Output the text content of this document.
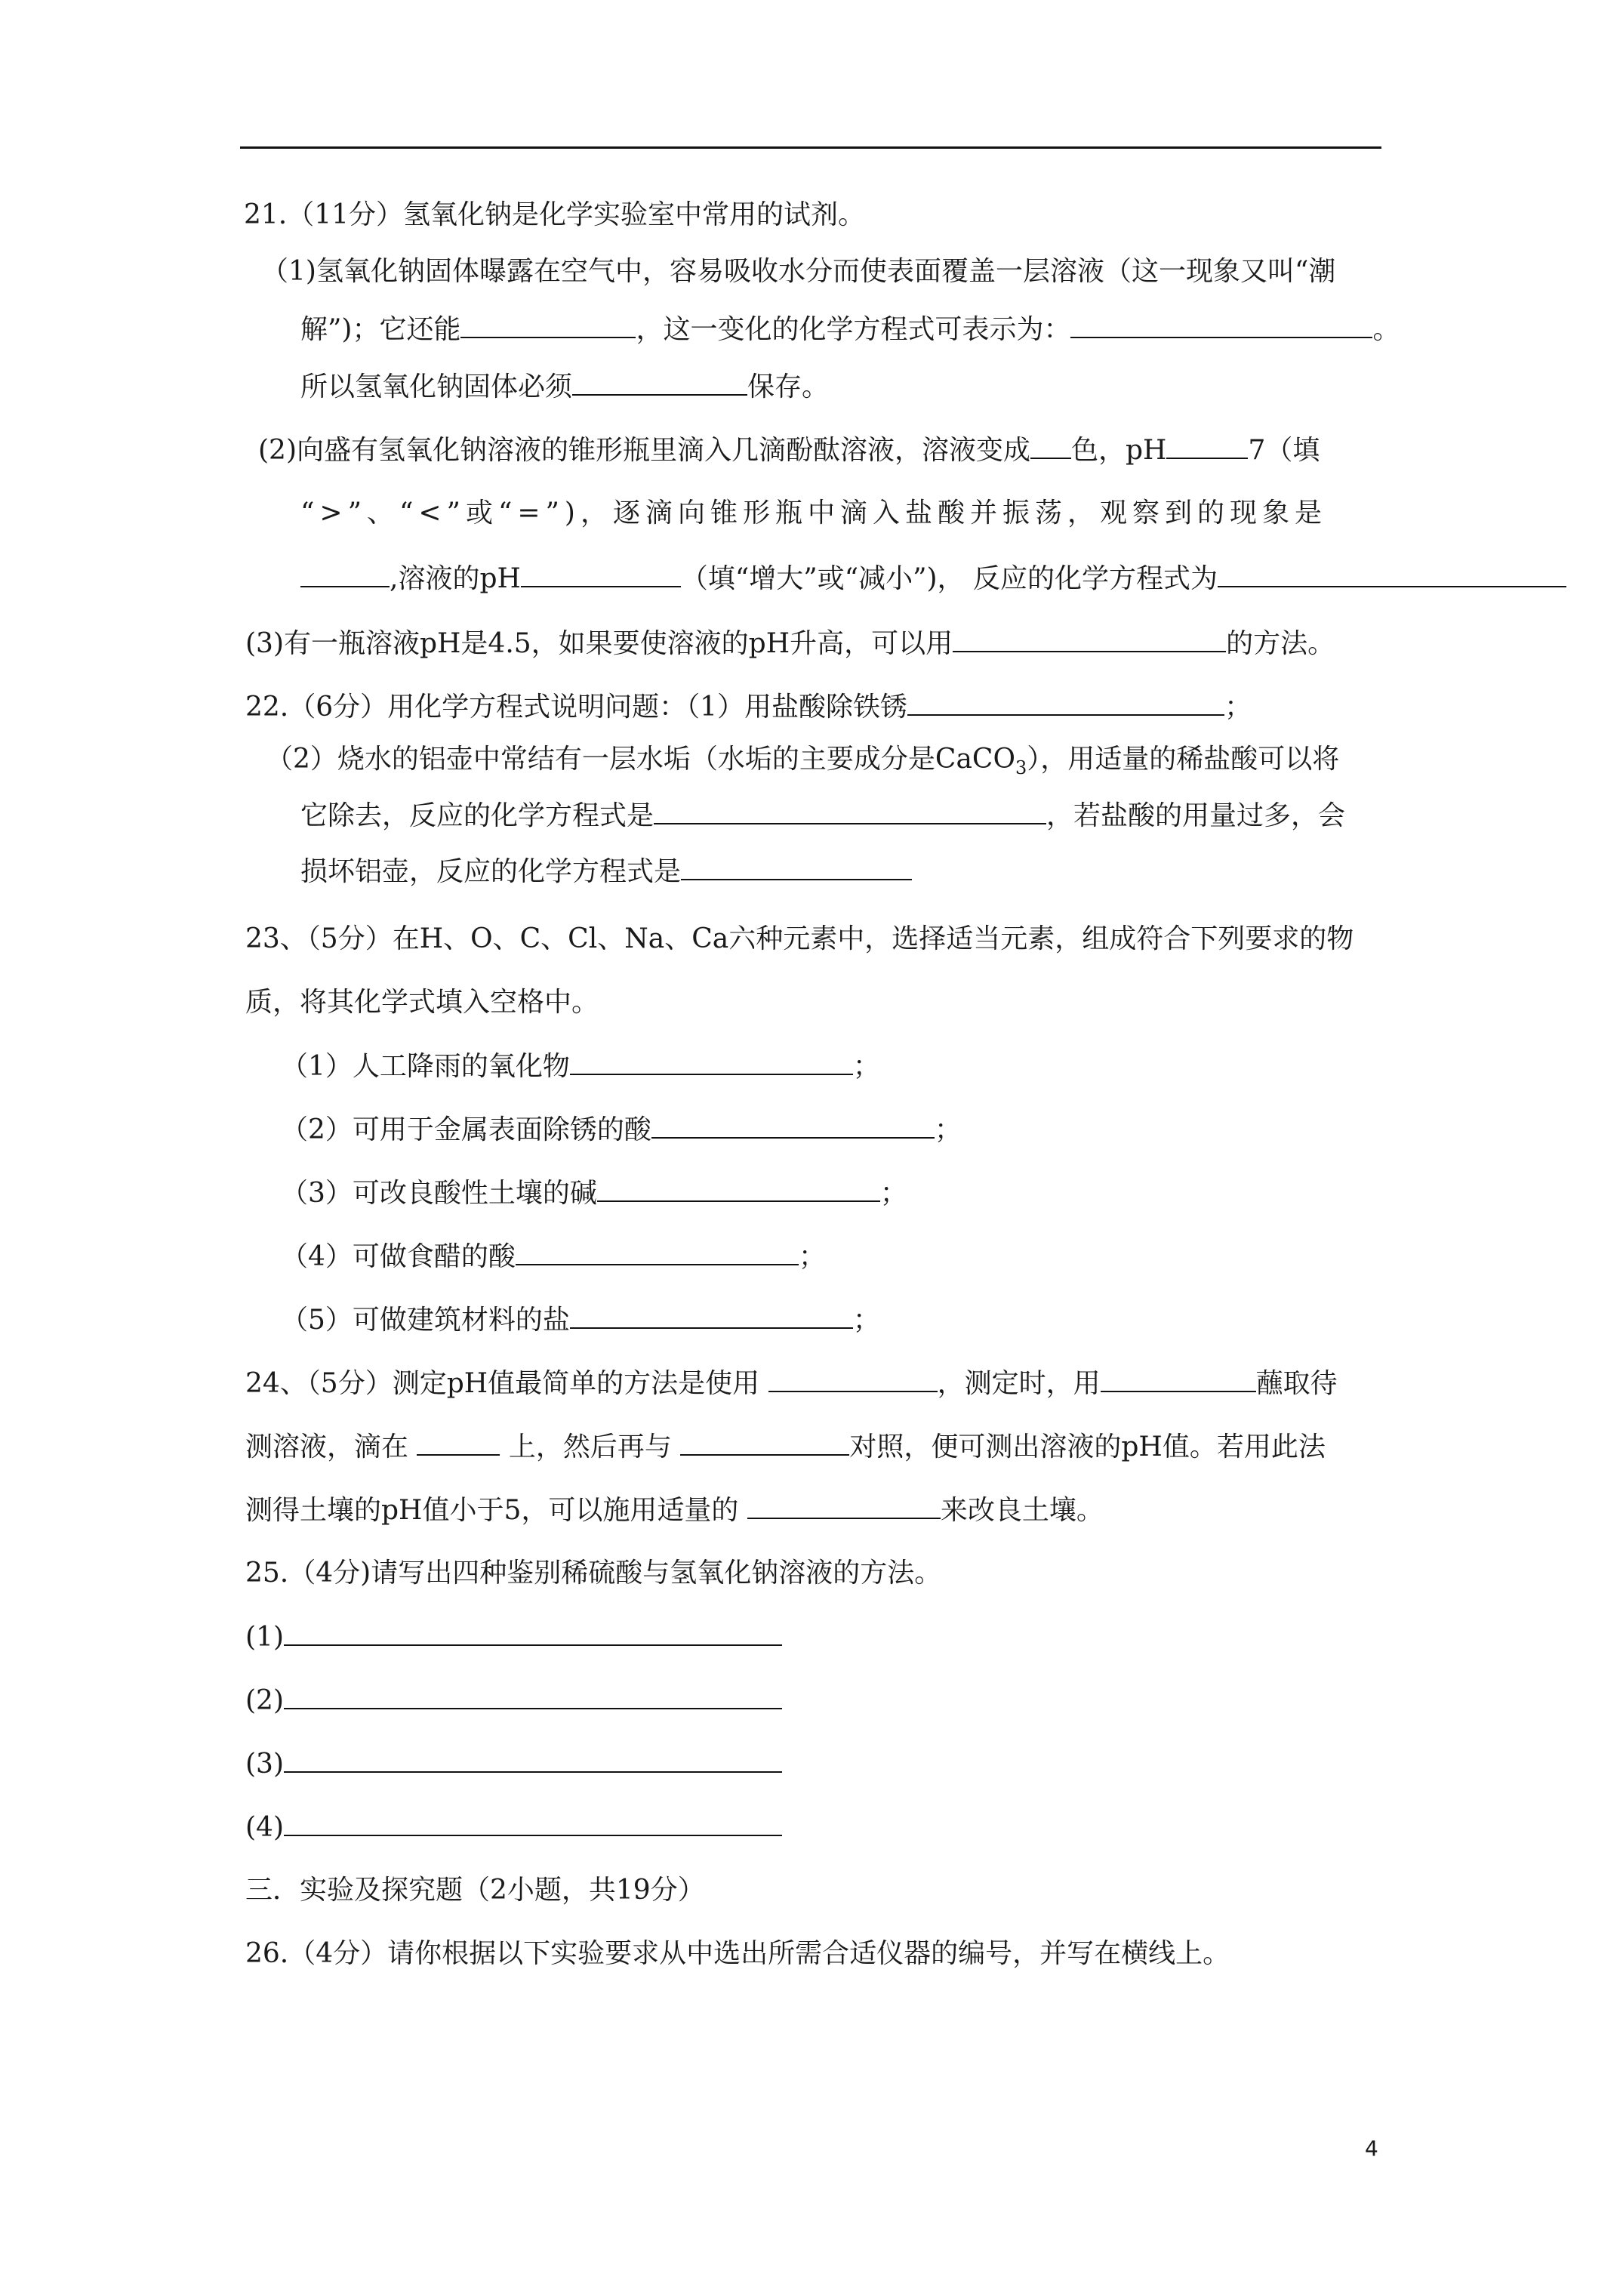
21.（11分）氢氧化钠是化学实验室中常用的试剂。
（1)氢氧化钠固体曝露在空气中，容易吸收水分而使表面覆盖一层溶液（这一现象又叫“潮
解”)；它还能	，这一变化的化学方程式可表示为：	。
所以氢氧化钠固体必须	保存。
(2)向盛有氢氧化钠溶液的锥形瓶里滴入几滴酚酞溶液，溶液变成 色，pH	7（填
“>”、“<”或“=”)，逐滴向锥形瓶中滴入盐酸并振荡，观察到的现象是
,溶液的pH	（填“增大”或“减小”)， 反应的化学方程式为
(3)有一瓶溶液pH是4.5，如果要使溶液的pH升高，可以用	的方法。
22.（6分）用化学方程式说明问题：（1）用盐酸除铁锈	；
（2）烧水的铝壶中常结有一层水垢（水垢的主要成分是CaCO$_3$），用适量的稀盐酸可以将
它除去，反应的化学方程式是	，若盐酸的用量过多，会
损坏铝壶，反应的化学方程式是
23、（5分）在H、O、C、Cl、Na、Ca六种元素中，选择适当元素，组成符合下列要求的物
质，将其化学式填入空格中。
（1）人工降雨的氧化物	；
（2）可用于金属表面除锈的酸	；
（3）可改良酸性土壤的碱	；
（4）可做食醋的酸	；
（5）可做建筑材料的盐	；
24、（5分）测定pH值最简单的方法是使用	，测定时，用	蘸取待
测溶液，滴在	上，然后再与	对照，便可测出溶液的pH值。若用此法
测得土壤的pH值小于5，可以施用适量的	来改良土壤。
25.（4分)请写出四种鉴别稀硫酸与氢氧化钠溶液的方法。
(1)
(2)
(3)
(4)
三．实验及探究题（2小题，共19分）
26.（4分）请你根据以下实验要求从中选出所需合适仪器的编号，并写在横线上。
4
